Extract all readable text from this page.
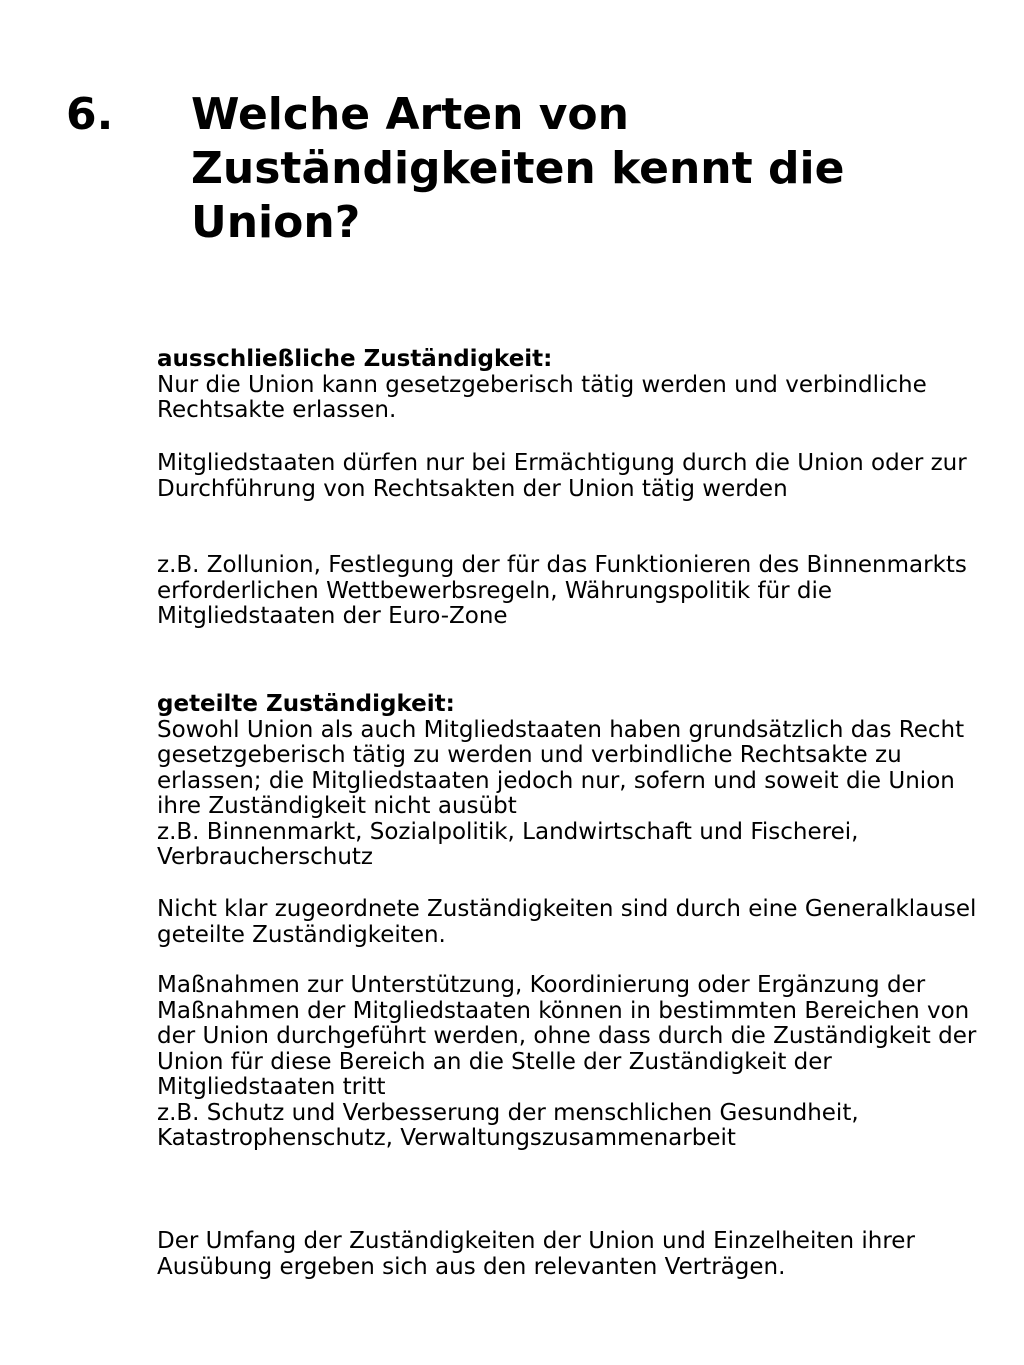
6. Welche Arten von Zuständigkeiten kennt die Union?
ausschließliche Zuständigkeit:

Nur die Union kann gesetzgeberisch tätig werden und verbindliche Rechtsakte erlassen.

Mitgliedstaaten dürfen nur bei Ermächtigung durch die Union oder zur Durchführung von Rechtsakten der Union tätig werden

z.B. Zollunion, Festlegung der für das Funktionieren des Binnenmarkts erforderlichen Wettbewerbsregeln, Währungspolitik für die Mitgliedstaaten der Euro-Zone

geteilte Zuständigkeit:

Sowohl Union als auch Mitgliedstaaten haben grundsätzlich das Recht gesetzgeberisch tätig zu werden und verbindliche Rechtsakte zu erlassen; die Mitgliedstaaten jedoch nur, sofern und soweit die Union ihre Zuständigkeit nicht ausübt

z.B. Binnenmarkt, Sozialpolitik, Landwirtschaft und Fischerei, Verbraucherschutz

Nicht klar zugeordnete Zuständigkeiten sind durch eine Generalklausel geteilte Zuständigkeiten.

Maßnahmen zur Unterstützung, Koordinierung oder Ergänzung der Maßnahmen der Mitgliedstaaten können in bestimmten Bereichen von der Union durchgeführt werden, ohne dass durch die Zuständigkeit der Union für diese Bereich an die Stelle der Zuständigkeit der Mitgliedstaaten tritt

z.B. Schutz und Verbesserung der menschlichen Gesundheit, Katastrophenschutz, Verwaltungszusammenarbeit

Der Umfang der Zuständigkeiten der Union und Einzelheiten ihrer Ausübung ergeben sich aus den relevanten Verträgen.
